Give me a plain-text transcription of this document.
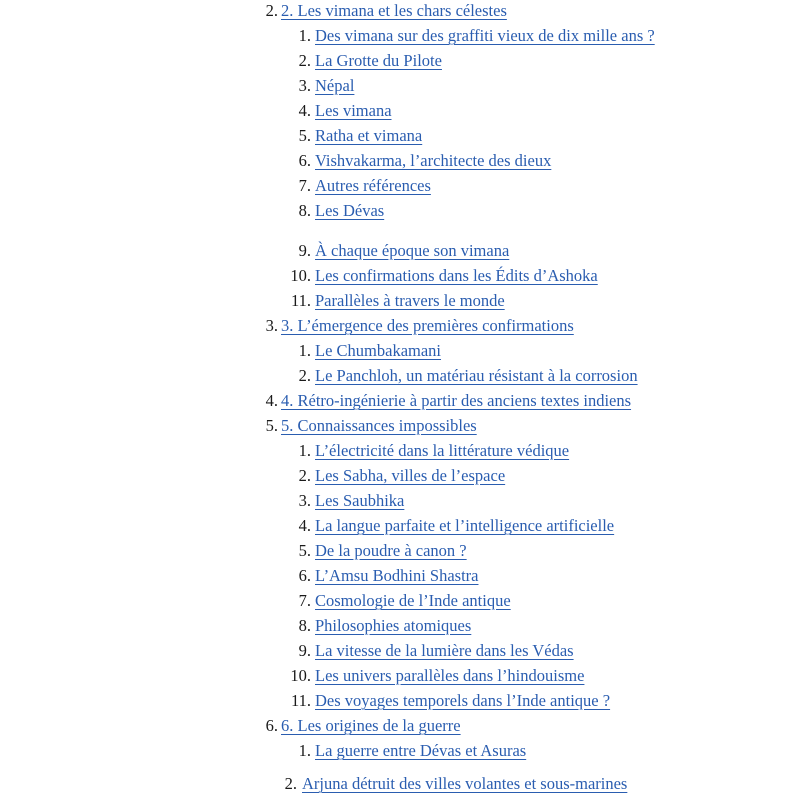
2. 2. Les vimana et les chars célestes
1. Des vimana sur des graffiti vieux de dix mille ans ?
2. La Grotte du Pilote
3. Népal
4. Les vimana
5. Ratha et vimana
6. Vishvakarma, l’architecte des dieux
7. Autres références
8. Les Dévas
9. À chaque époque son vimana
10. Les confirmations dans les Édits d’Ashoka
11. Parallèles à travers le monde
3. 3. L’émergence des premières confirmations
1. Le Chumbakamani
2. Le Panchloh, un matériau résistant à la corrosion
4. 4. Rétro-ingénierie à partir des anciens textes indiens
5. 5. Connaissances impossibles
1. L’électricité dans la littérature védique
2. Les Sabha, villes de l’espace
3. Les Saubhika
4. La langue parfaite et l’intelligence artificielle
5. De la poudre à canon ?
6. L’Amsu Bodhini Shastra
7. Cosmologie de l’Inde antique
8. Philosophies atomiques
9. La vitesse de la lumière dans les Védas
10. Les univers parallèles dans l’hindouisme
11. Des voyages temporels dans l’Inde antique ?
6. 6. Les origines de la guerre
1. La guerre entre Dévas et Asuras
2. Arjuna détruit des villes volantes et sous-marines
